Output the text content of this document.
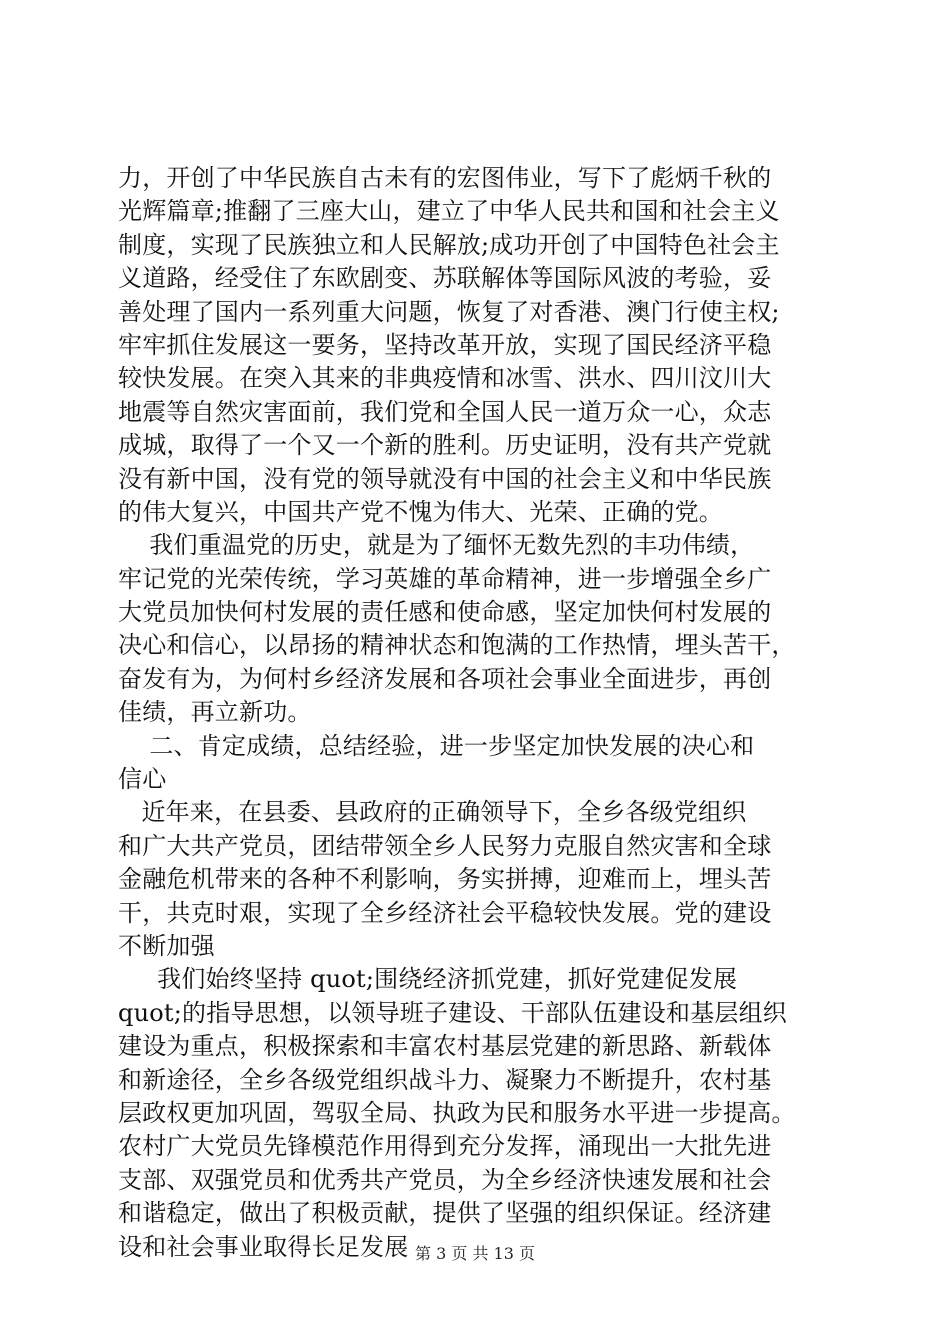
力，开创了中华民族自古未有的宏图伟业，写下了彪炳千秋的
光辉篇章;推翻了三座大山，建立了中华人民共和国和社会主义
制度，实现了民族独立和人民解放;成功开创了中国特色社会主
义道路，经受住了东欧剧变、苏联解体等国际风波的考验，妥
善处理了国内一系列重大问题，恢复了对香港、澳门行使主权;
牢牢抓住发展这一要务，坚持改革开放，实现了国民经济平稳
较快发展。在突入其来的非典疫情和冰雪、洪水、四川汶川大
地震等自然灾害面前，我们党和全国人民一道万众一心，众志
成城，取得了一个又一个新的胜利。历史证明，没有共产党就
没有新中国，没有党的领导就没有中国的社会主义和中华民族
的伟大复兴，中国共产党不愧为伟大、光荣、正确的党。
我们重温党的历史，就是为了缅怀无数先烈的丰功伟绩，
牢记党的光荣传统，学习英雄的革命精神，进一步增强全乡广
大党员加快何村发展的责任感和使命感，坚定加快何村发展的
决心和信心，以昂扬的精神状态和饱满的工作热情，埋头苦干，
奋发有为，为何村乡经济发展和各项社会事业全面进步，再创
佳绩，再立新功。
二、肯定成绩，总结经验，进一步坚定加快发展的决心和
信心
近年来，在县委、县政府的正确领导下，全乡各级党组织
和广大共产党员，团结带领全乡人民努力克服自然灾害和全球
金融危机带来的各种不利影响，务实拼搏，迎难而上，埋头苦
干，共克时艰，实现了全乡经济社会平稳较快发展。党的建设
不断加强
我们始终坚持 quot;围绕经济抓党建，抓好党建促发展
quot;的指导思想，以领导班子建设、干部队伍建设和基层组织
建设为重点，积极探索和丰富农村基层党建的新思路、新载体
和新途径，全乡各级党组织战斗力、凝聚力不断提升，农村基
层政权更加巩固，驾驭全局、执政为民和服务水平进一步提高。
农村广大党员先锋模范作用得到充分发挥，涌现出一大批先进
支部、双强党员和优秀共产党员，为全乡经济快速发展和社会
和谐稳定，做出了积极贡献，提供了坚强的组织保证。经济建
设和社会事业取得长足发展 第 3 页 共 13 页
